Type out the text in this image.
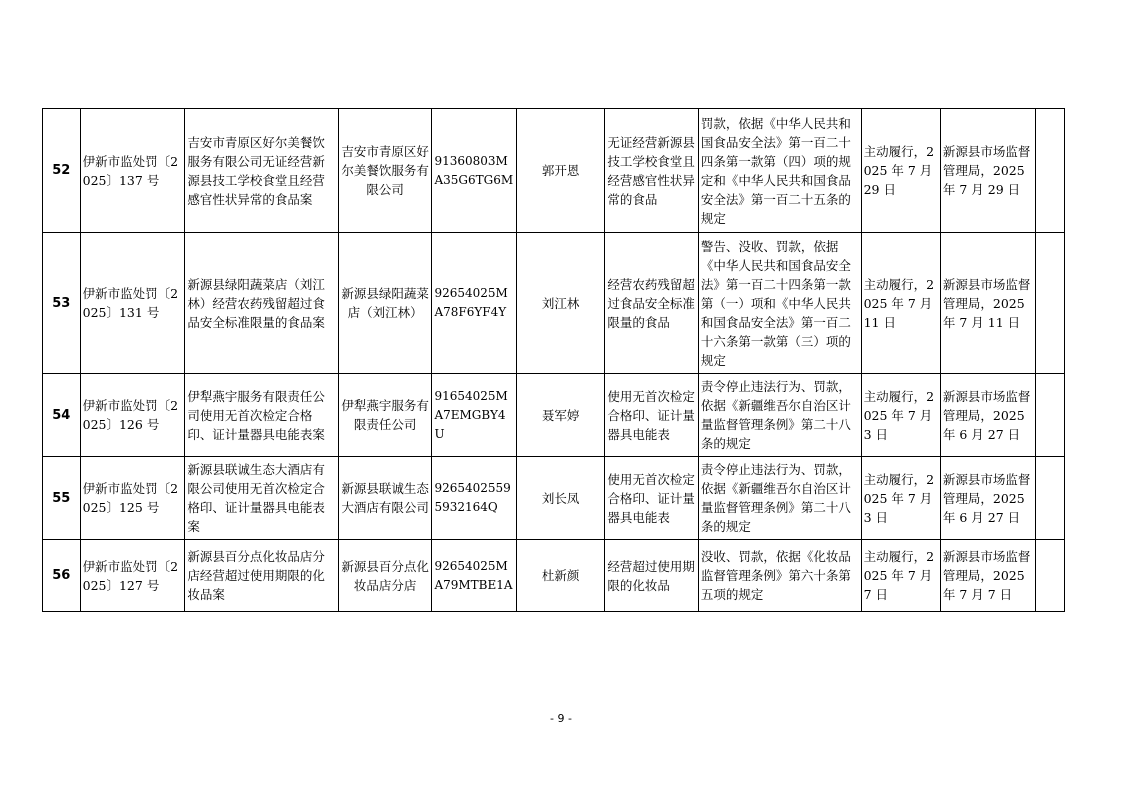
52	伊新市监处罚〔2025〕137 号	吉安市青原区好尔美餐饮服务有限公司无证经营新源县技工学校食堂且经营感官性状异常的食品案	吉安市青原区好尔美餐饮服务有限公司	91360803MA35G6TG6M	郭开恩	无证经营新源县技工学校食堂且经营感官性状异常的食品	罚款，依据《中华人民共和国食品安全法》第一百二十四条第一款第（四）项的规定和《中华人民共和国食品安全法》第一百二十五条的规定	主动履行，2025 年 7 月 29 日	新源县市场监督管理局，2025 年 7 月 29 日	
53	伊新市监处罚〔2025〕131 号	新源县绿阳蔬菜店（刘江林）经营农药残留超过食品安全标准限量的食品案	新源县绿阳蔬菜店（刘江林）	92654025MA78F6YF4Y	刘江林	经营农药残留超过食品安全标准限量的食品	警告、没收、罚款，依据《中华人民共和国食品安全法》第一百二十四条第一款第（一）项和《中华人民共和国食品安全法》第一百二十六条第一款第（三）项的规定	主动履行，2025 年 7 月 11 日	新源县市场监督管理局，2025 年 7 月 11 日	
54	伊新市监处罚〔2025〕126 号	伊犁燕宇服务有限责任公司使用无首次检定合格印、证计量器具电能表案	伊犁燕宇服务有限责任公司	91654025MA7EMGBY4U	聂军婷	使用无首次检定合格印、证计量器具电能表	责令停止违法行为、罚款，依据《新疆维吾尔自治区计量监督管理条例》第二十八条的规定	主动履行，2025 年 7 月 3 日	新源县市场监督管理局，2025 年 6 月 27 日	
55	伊新市监处罚〔2025〕125 号	新源县联诚生态大酒店有限公司使用无首次检定合格印、证计量器具电能表案	新源县联诚生态大酒店有限公司	92654025595932164Q	刘长凤	使用无首次检定合格印、证计量器具电能表	责令停止违法行为、罚款，依据《新疆维吾尔自治区计量监督管理条例》第二十八条的规定	主动履行，2025 年 7 月 3 日	新源县市场监督管理局，2025 年 6 月 27 日	
56	伊新市监处罚〔2025〕127 号	新源县百分点化妆品店分店经营超过使用期限的化妆品案	新源县百分点化妆品店分店	92654025MA79MTBE1A	杜新颜	经营超过使用期限的化妆品	没收、罚款，依据《化妆品监督管理条例》第六十条第五项的规定	主动履行，2025 年 7 月 7 日	新源县市场监督管理局，2025 年 7 月 7 日	
- 9 -
